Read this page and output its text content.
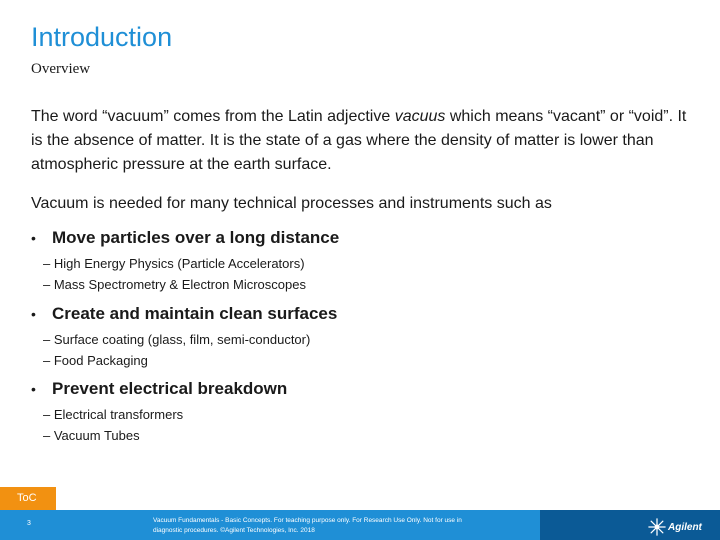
Introduction
Overview
The word “vacuum” comes from the Latin adjective vacuus which means “vacant” or “void”. It is the absence of matter. It is the state of a gas where the density of matter is lower than atmospheric pressure at the earth surface.
Vacuum is needed for many technical processes and instruments such as
• Move particles over a long distance
– High Energy Physics (Particle Accelerators)
– Mass Spectrometry & Electron Microscopes
• Create and maintain clean surfaces
– Surface coating (glass, film, semi-conductor)
– Food Packaging
• Prevent electrical breakdown
– Electrical transformers
– Vacuum Tubes
ToC
3	Vacuum Fundamentals - Basic Concepts. For teaching purpose only. For Research Use Only. Not for use in diagnostic procedures. ©Agilent Technologies, Inc. 2018	Agilent
